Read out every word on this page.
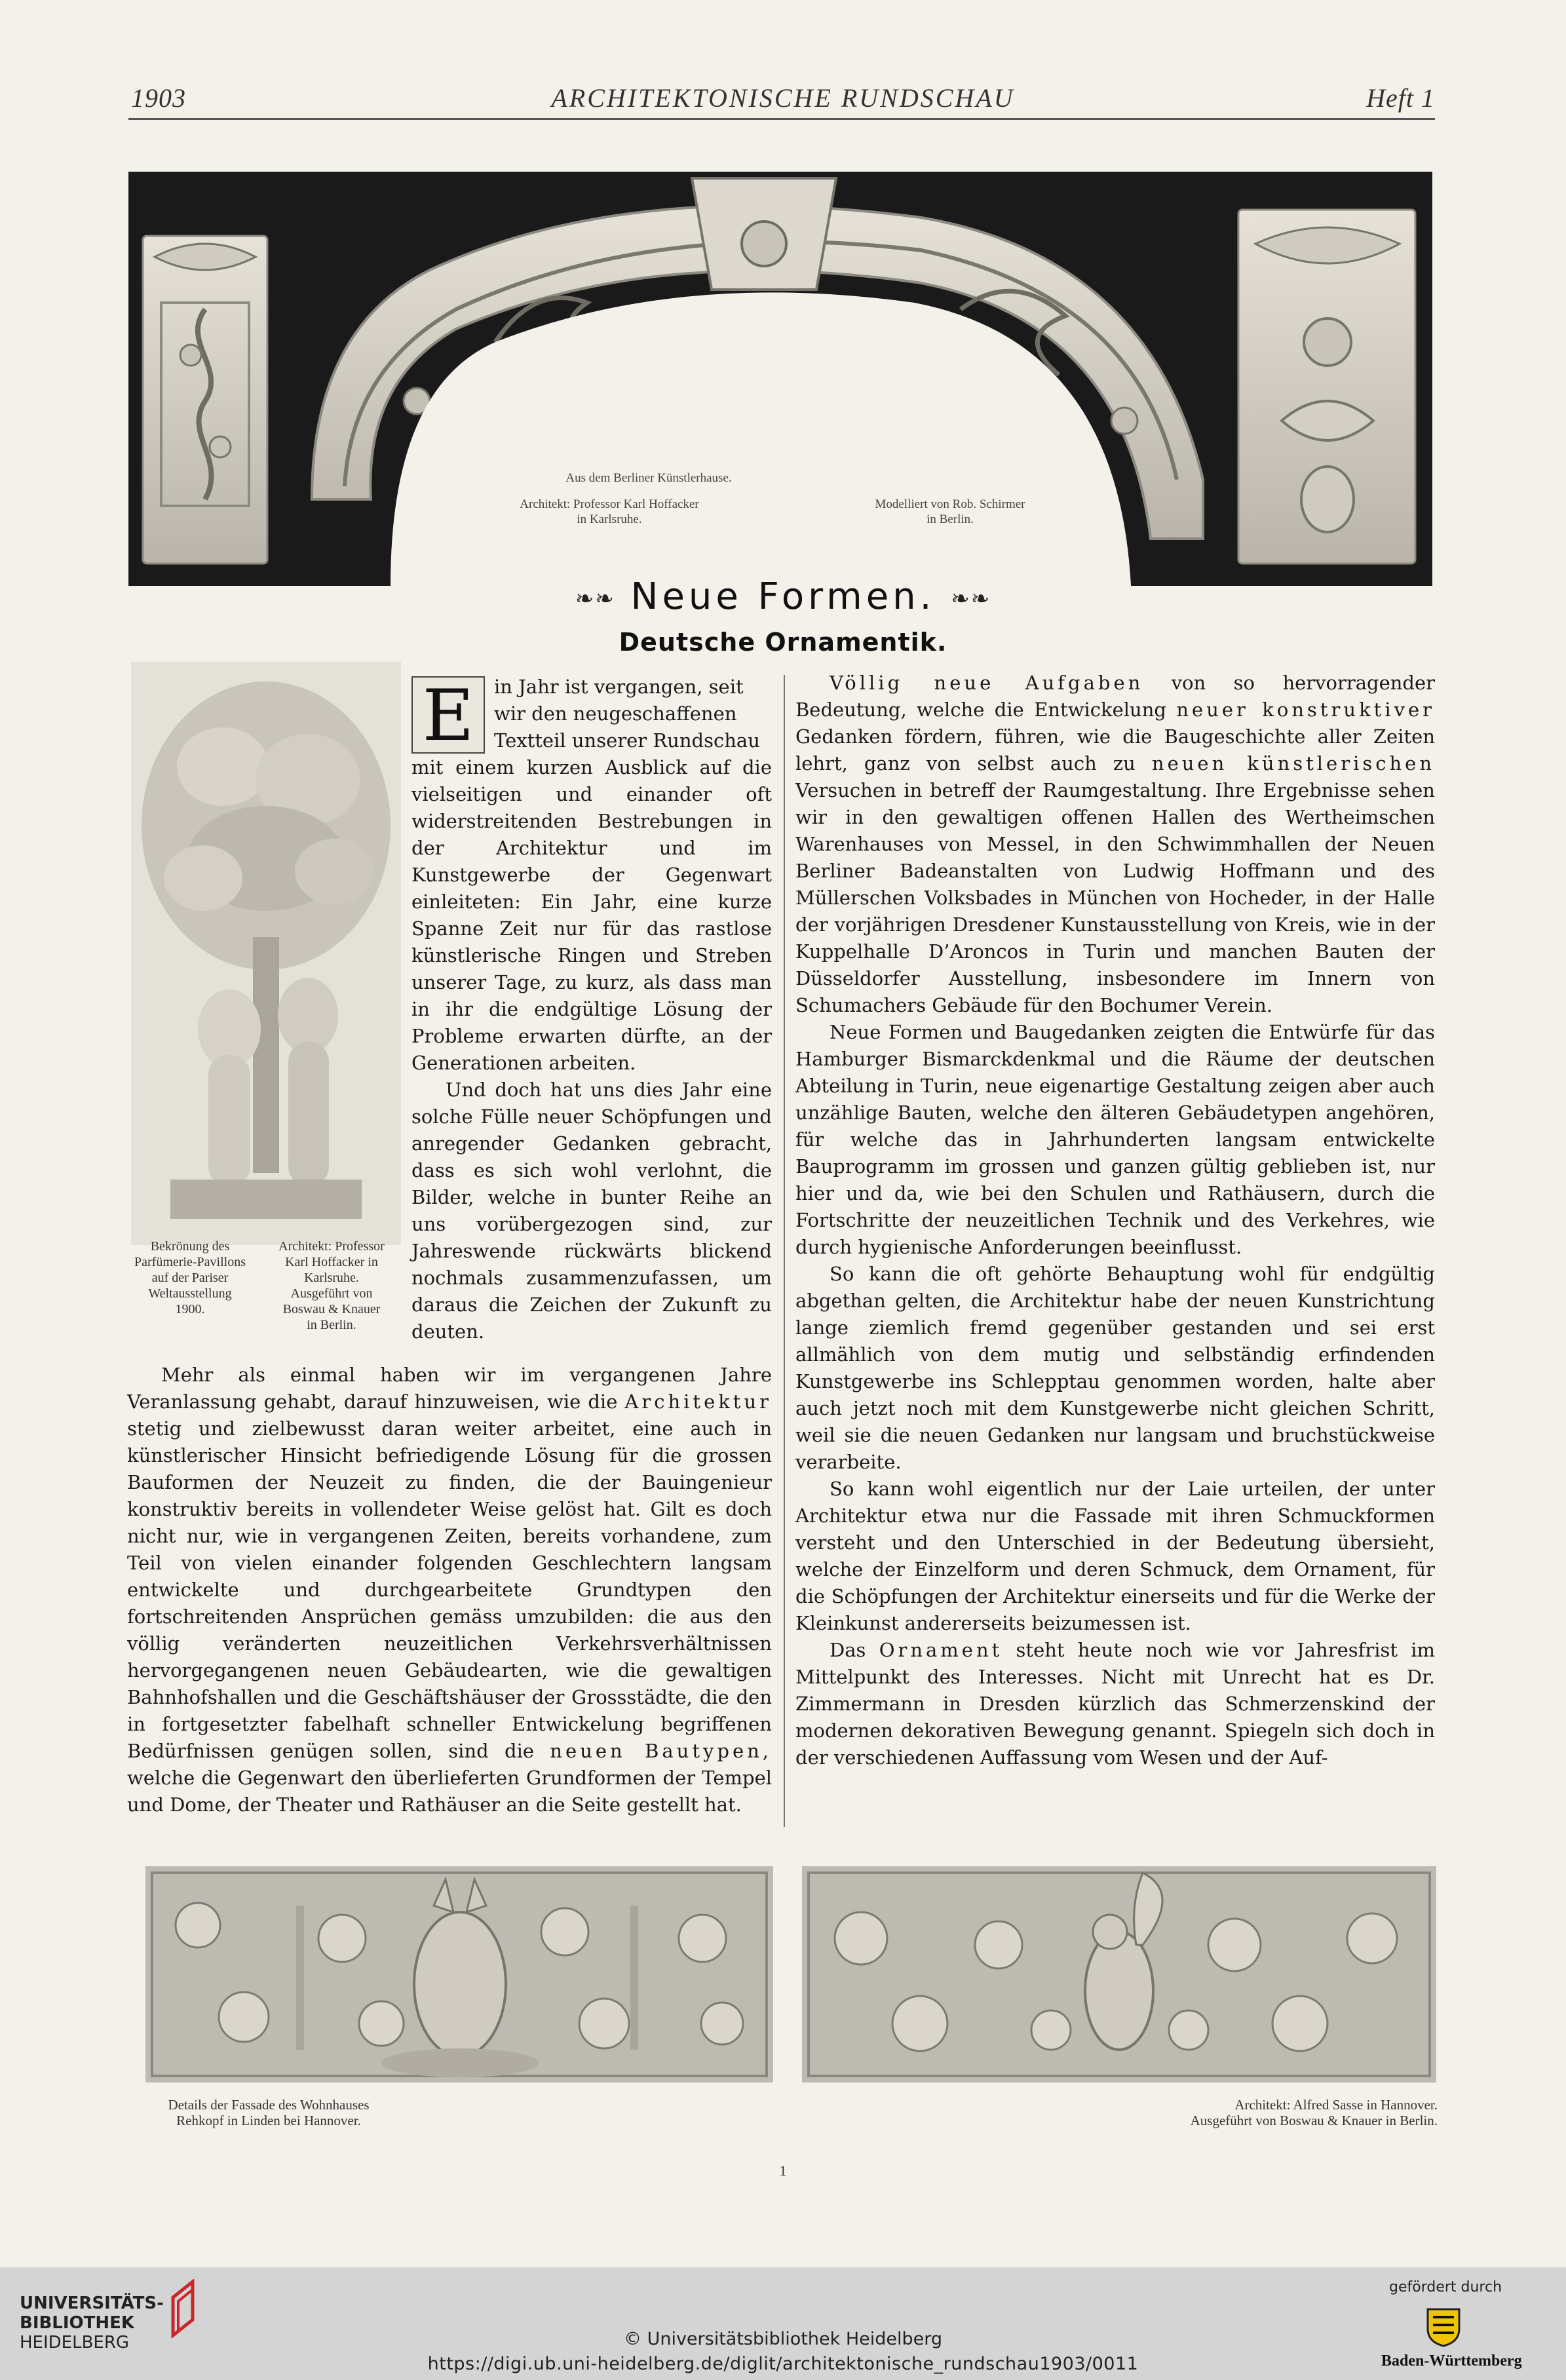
1903	ARCHITEKTONISCHE RUNDSCHAU	Heft 1
Aus dem Berliner Künstlerhause.
Architekt: Professor Karl Hoffacker
in Karlsruhe.
Modelliert von Rob. Schirmer
in Berlin.
❧❧ Neue Formen. ❧❧
Deutsche Ornamentik.
Bekrönung des
Parfümerie-Pavillons
auf der Pariser
Weltausstellung
1900.
Architekt: Professor
Karl Hoffacker in
Karlsruhe.
Ausgeführt von
Boswau & Knauer
in Berlin.
E	in Jahr ist vergangen, seit
wir den neugeschaffenen
Textteil unserer Rundschau
mit einem kurzen Ausblick auf die vielseitigen und einander oft widerstreitenden Bestrebungen in der Architektur und im Kunstgewerbe der Gegenwart einleiteten: Ein Jahr, eine kurze Spanne Zeit nur für das rastlose künstlerische Ringen und Streben unserer Tage, zu kurz, als dass man in ihr die endgültige Lösung der Probleme erwarten dürfte, an der Generationen arbeiten.

Und doch hat uns dies Jahr eine solche Fülle neuer Schöpfungen und anregender Gedanken gebracht, dass es sich wohl verlohnt, die Bilder, welche in bunter Reihe an uns vorübergezogen sind, zur Jahreswende rückwärts blickend nochmals zusammenzufassen, um daraus die Zeichen der Zukunft zu deuten.

Mehr als einmal haben wir im vergangenen Jahre Veranlassung gehabt, darauf hinzuweisen, wie die Architektur stetig und zielbewusst daran weiter arbeitet, eine auch in künstlerischer Hinsicht befriedigende Lösung für die grossen Bauformen der Neuzeit zu finden, die der Bauingenieur konstruktiv bereits in vollendeter Weise gelöst hat. Gilt es doch nicht nur, wie in vergangenen Zeiten, bereits vorhandene, zum Teil von vielen einander folgenden Geschlechtern langsam entwickelte und durchgearbeitete Grundtypen den fortschreitenden Ansprüchen gemäss umzubilden: die aus den völlig veränderten neuzeitlichen Verkehrsverhältnissen hervorgegangenen neuen Gebäudearten, wie die gewaltigen Bahnhofshallen und die Geschäftshäuser der Grossstädte, die den in fortgesetzter fabelhaft schneller Entwickelung begriffenen Bedürfnissen genügen sollen, sind die neuen Bautypen, welche die Gegenwart den überlieferten Grundformen der Tempel und Dome, der Theater und Rathäuser an die Seite gestellt hat.

Völlig neue Aufgaben von so hervorragender Bedeutung, welche die Entwickelung neuer konstruktiver Gedanken fördern, führen, wie die Baugeschichte aller Zeiten lehrt, ganz von selbst auch zu neuen künstlerischen Versuchen in betreff der Raumgestaltung. Ihre Ergebnisse sehen wir in den gewaltigen offenen Hallen des Wertheimschen Warenhauses von Messel, in den Schwimmhallen der Neuen Berliner Badeanstalten von Ludwig Hoffmann und des Müllerschen Volksbades in München von Hocheder, in der Halle der vorjährigen Dresdener Kunstausstellung von Kreis, wie in der Kuppelhalle D’Aroncos in Turin und manchen Bauten der Düsseldorfer Ausstellung, insbesondere im Innern von Schumachers Gebäude für den Bochumer Verein.

Neue Formen und Baugedanken zeigten die Entwürfe für das Hamburger Bismarckdenkmal und die Räume der deutschen Abteilung in Turin, neue eigenartige Gestaltung zeigen aber auch unzählige Bauten, welche den älteren Gebäudetypen angehören, für welche das in Jahrhunderten langsam entwickelte Bauprogramm im grossen und ganzen gültig geblieben ist, nur hier und da, wie bei den Schulen und Rathäusern, durch die Fortschritte der neuzeitlichen Technik und des Verkehres, wie durch hygienische Anforderungen beeinflusst.

So kann die oft gehörte Behauptung wohl für endgültig abgethan gelten, die Architektur habe der neuen Kunstrichtung lange ziemlich fremd gegenüber gestanden und sei erst allmählich von dem mutig und selbständig erfindenden Kunstgewerbe ins Schlepptau genommen worden, halte aber auch jetzt noch mit dem Kunstgewerbe nicht gleichen Schritt, weil sie die neuen Gedanken nur langsam und bruchstückweise verarbeite.

So kann wohl eigentlich nur der Laie urteilen, der unter Architektur etwa nur die Fassade mit ihren Schmuckformen versteht und den Unterschied in der Bedeutung übersieht, welche der Einzelform und deren Schmuck, dem Ornament, für die Schöpfungen der Architektur einerseits und für die Werke der Kleinkunst andererseits beizumessen ist.

Das Ornament steht heute noch wie vor Jahresfrist im Mittelpunkt des Interesses. Nicht mit Unrecht hat es Dr. Zimmermann in Dresden kürzlich das Schmerzenskind der modernen dekorativen Bewegung genannt. Spiegeln sich doch in der verschiedenen Auffassung vom Wesen und der Auf-

Details der Fassade des Wohnhauses
Rehkopf in Linden bei Hannover.
Architekt: Alfred Sasse in Hannover.
Ausgeführt von Boswau & Knauer in Berlin.
1
UNIVERSITÄTS-
BIBLIOTHEK
HEIDELBERG	© Universitätsbibliothek Heidelberg
https://digi.ub.uni-heidelberg.de/diglit/architektonische_rundschau1903/0011
gefördert durch
Baden-Württemberg
